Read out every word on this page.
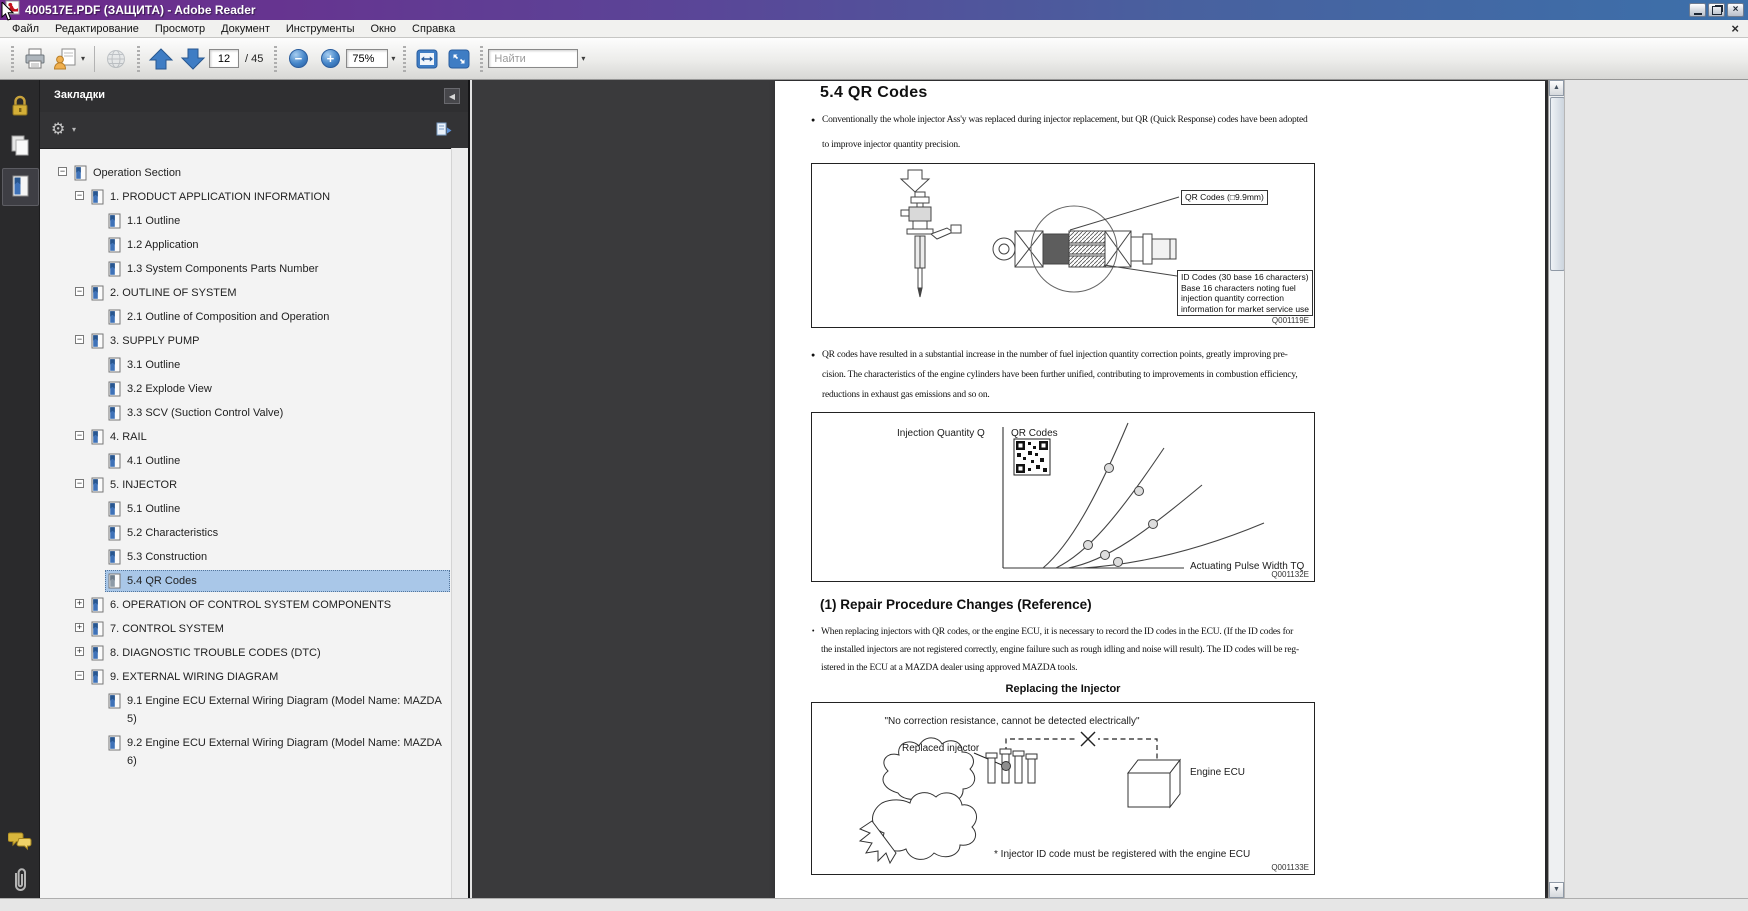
400517E.PDF (ЗАЩИТА) - Adobe Reader	×
Файл Редактирование Просмотр Документ Инструменты Окно Справка	×
▾
12	/ 45	−	+
75%	▾
Найти	▾
Закладки	◀
⚙ ▾
−	Operation Section
−	1. PRODUCT APPLICATION INFORMATION
1.1 Outline
1.2 Application
1.3 System Components Parts Number
−	2. OUTLINE OF SYSTEM
2.1 Outline of Composition and Operation
−	3. SUPPLY PUMP
3.1 Outline
3.2 Explode View
3.3 SCV (Suction Control Valve)
−	4. RAIL
4.1 Outline
−	5. INJECTOR
5.1 Outline
5.2 Characteristics
5.3 Construction
5.4 QR Codes
+	6. OPERATION OF CONTROL SYSTEM COMPONENTS
+	7. CONTROL SYSTEM
+	8. DIAGNOSTIC TROUBLE CODES (DTC)
−	9. EXTERNAL WIRING DIAGRAM
9.1 Engine ECU External Wiring Diagram (Model Name: MAZDA 5)
9.2 Engine ECU External Wiring Diagram (Model Name: MAZDA 6)
5.4 QR Codes
QR Codes (□9.9mm)
ID Codes (30 base 16 characters)
Base 16 characters noting fuel
injection quantity correction
information for market service use
Q001119E
Injection Quantity Q	QR Codes
Actuating Pulse Width TQ
Q001132E
(1) Repair Procedure Changes (Reference)
Replacing the Injector
"No correction resistance, cannot be detected electrically"
Replaced injector
Engine ECU
* Injector ID code must be registered with the engine ECU
Q001133E
Conventionally the whole injector Ass'y was replaced during injector replacement, but QR (Quick Response) codes have been adopted
to improve injector quantity precision.
●
QR codes have resulted in a substantial increase in the number of fuel injection quantity correction points, greatly improving pre-
cision. The characteristics of the engine cylinders have been further unified, contributing to improvements in combustion efficiency,
reductions in exhaust gas emissions and so on.
●
When replacing injectors with QR codes, or the engine ECU, it is necessary to record the ID codes in the ECU. (If the ID codes for
the installed injectors are not registered correctly, engine failure such as rough idling and noise will result). The ID codes will be reg-
istered in the ECU at a MAZDA dealer using approved MAZDA tools.
•
▲
▼
